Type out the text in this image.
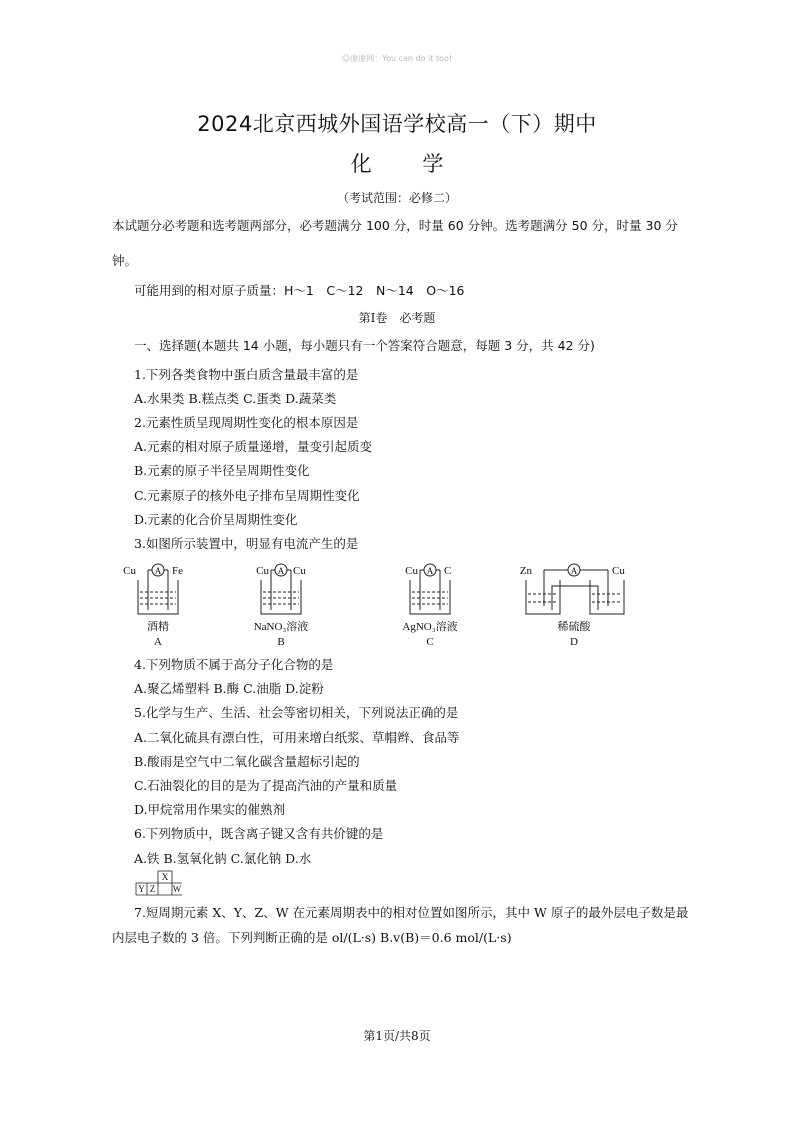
☺谢谢网：You can do it too!
2024北京西城外国语学校高一（下）期中
化 学
（考试范围：必修二）
本试题分必考题和选考题两部分，必考题满分 100 分，时量 60 分钟。选考题满分 50 分，时量 30 分
钟。
可能用到的相对原子质量：H～1　C～12　N～14　O～16
第Ⅰ卷　必考题
一、选择题(本题共 14 小题，每小题只有一个答案符合题意，每题 3 分，共 42 分)
1.下列各类食物中蛋白质含量最丰富的是
A.水果类 B.糕点类 C.蛋类 D.蔬菜类
2.元素性质呈现周期性变化的根本原因是
A.元素的相对原子质量递增，量变引起质变
B.元素的原子半径呈周期性变化
C.元素原子的核外电子排布呈周期性变化
D.元素的化合价呈周期性变化
3.如图所示装置中，明显有电流产生的是
A
Cu	Fe
酒精
A
A
Cu Cu
NaNO₃溶液
B
A
Cu C
AgNO₃溶液
C
A
Zn	Cu
稀硫酸
D
4.下列物质不属于高分子化合物的是
A.聚乙烯塑料 B.酶 C.油脂 D.淀粉
5.化学与生产、生活、社会等密切相关，下列说法正确的是
A.二氧化硫具有漂白性，可用来增白纸浆、草帽辫、食品等
B.酸雨是空气中二氧化碳含量超标引起的
C.石油裂化的目的是为了提高汽油的产量和质量
D.甲烷常用作果实的催熟剂
6.下列物质中，既含离子键又含有共价键的是
A.铁 B.氢氧化钠 C.氯化钠 D.水
X
Y Z W
7.短周期元素 X、Y、Z、W 在元素周期表中的相对位置如图所示，其中 W 原子的最外层电子数是最
内层电子数的 3 倍。下列判断正确的是 ol/(L·s) B.v(B)＝0.6 mol/(L·s)
第1页/共8页
